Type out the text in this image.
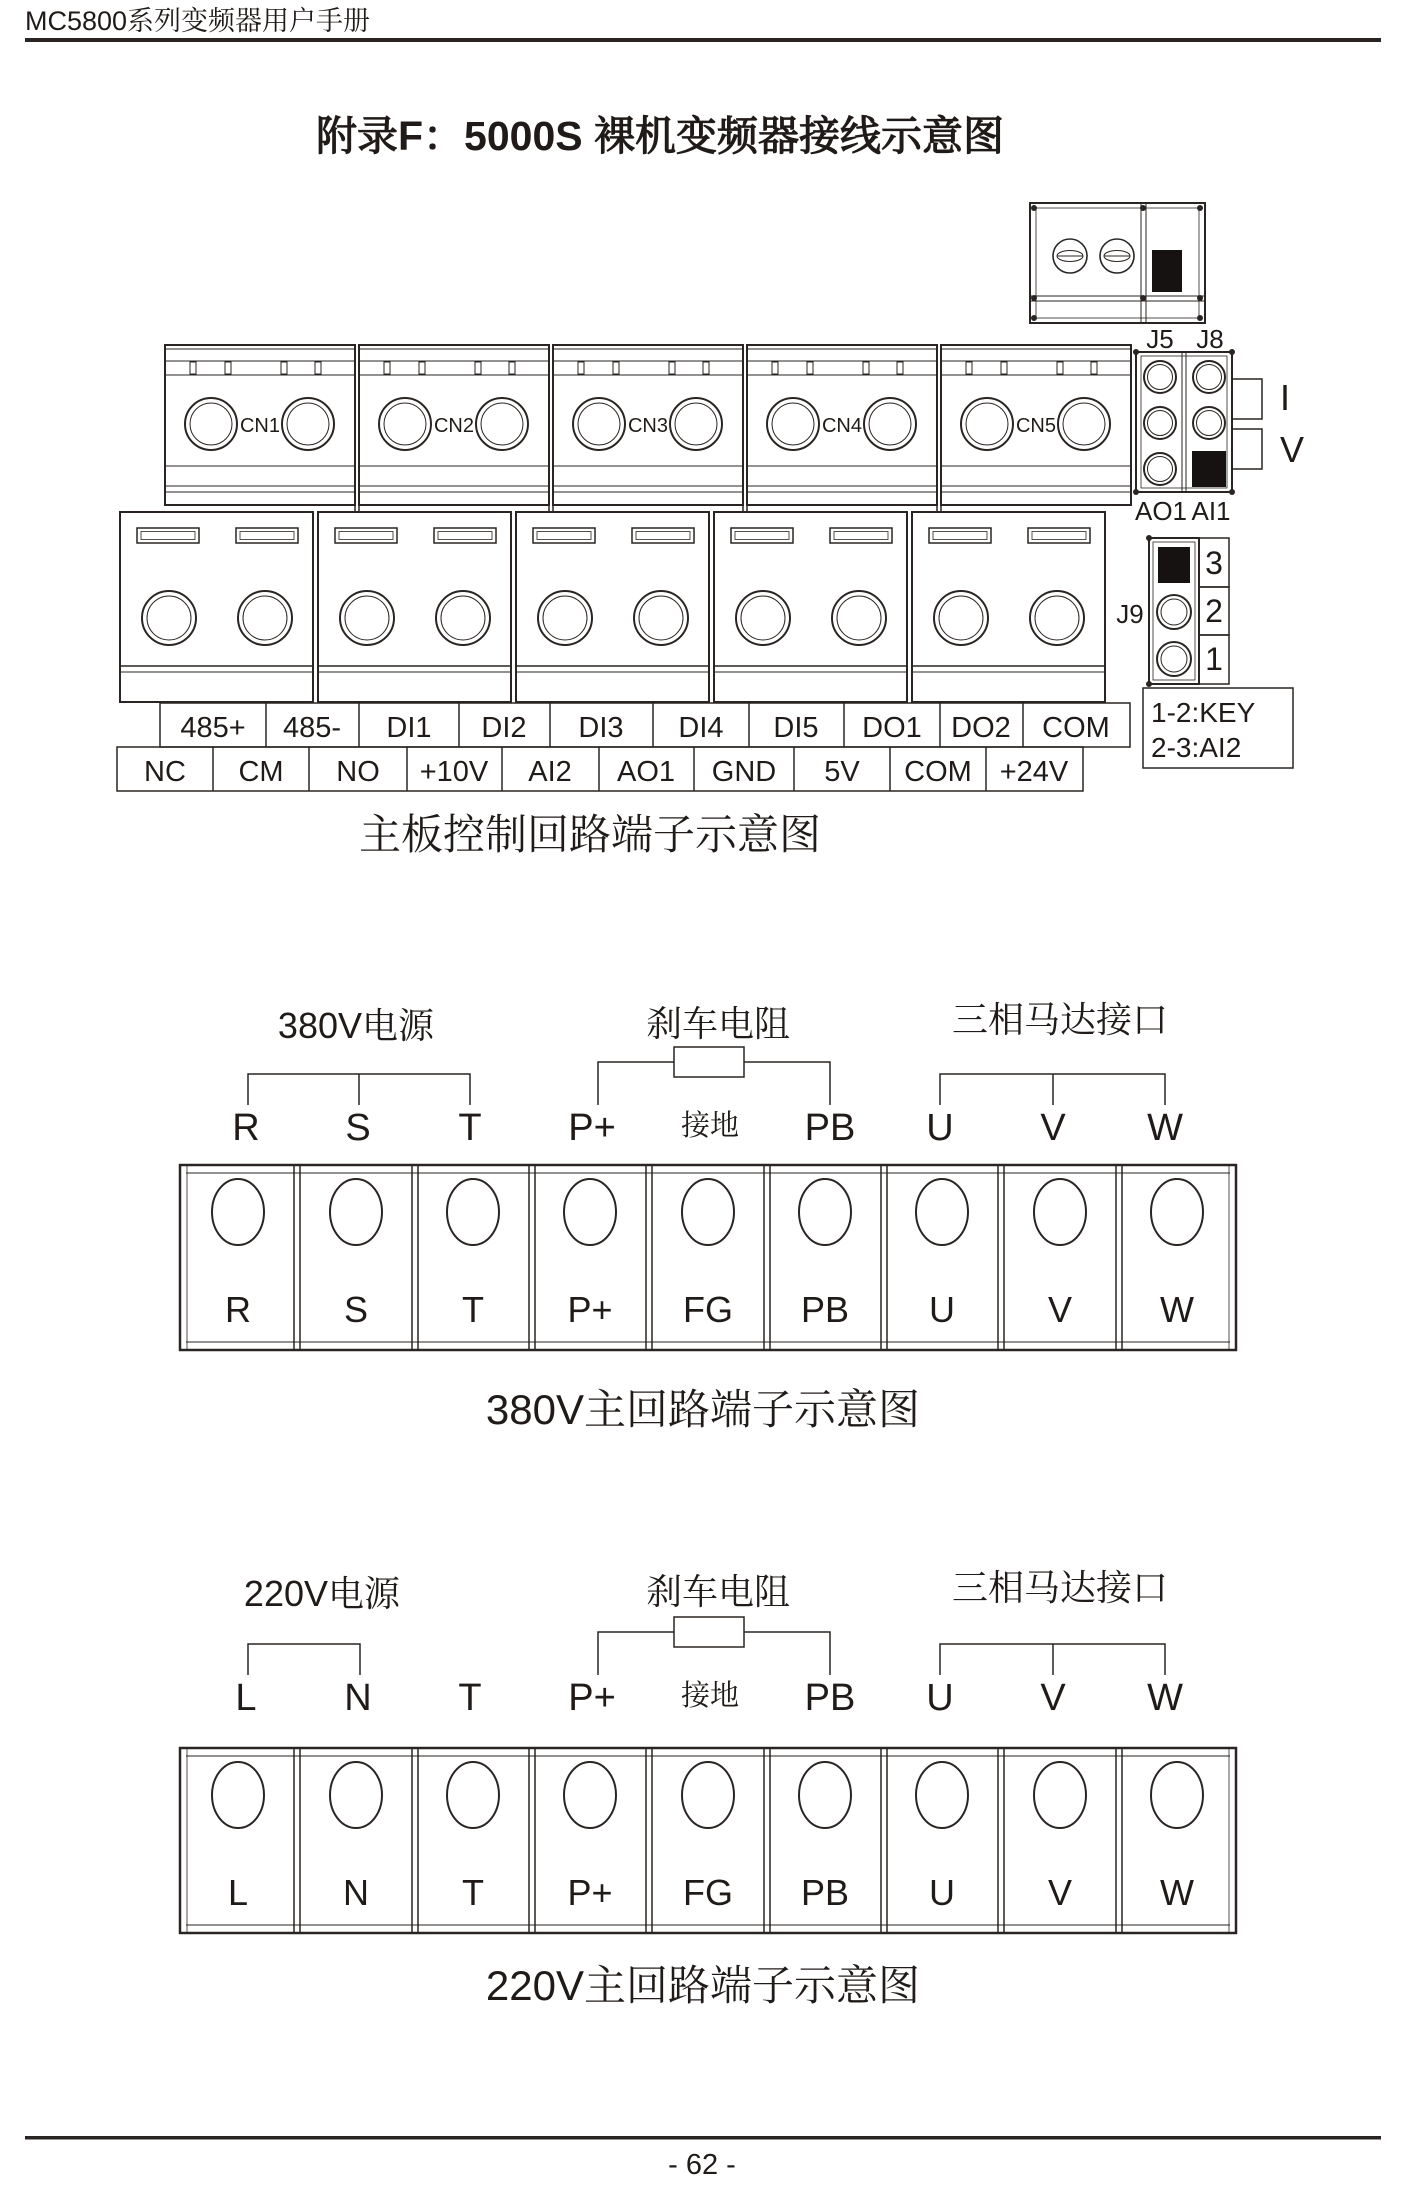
MC5800系列变频器用户手册
附录F：5000S 裸机变频器接线示意图
J5 J8
I
V
AO1 AI1
J9
3
2
1
1-2:KEY
2-3:AI2
CN1	CN2	CN3	CN4	CN5
485+ 485- DI1 DI2 DI3 DI4 DI5 DO1 DO2 COM
NC CM NO +10V AI2 AO1 GND 5V COM +24V
主板控制回路端子示意图
380V 电源	刹车电阻	三相马达接口
R S T P+ 接地 PB U V W
R	S	T P+ FG PB U	V W
380V 主回路端子示意图
220V 电源	刹车电阻	三相马达接口
L N T P+ 接地 PB U V W
L	N	T P+ FG PB U	V W
220V 主回路端子示意图
- 62 -
